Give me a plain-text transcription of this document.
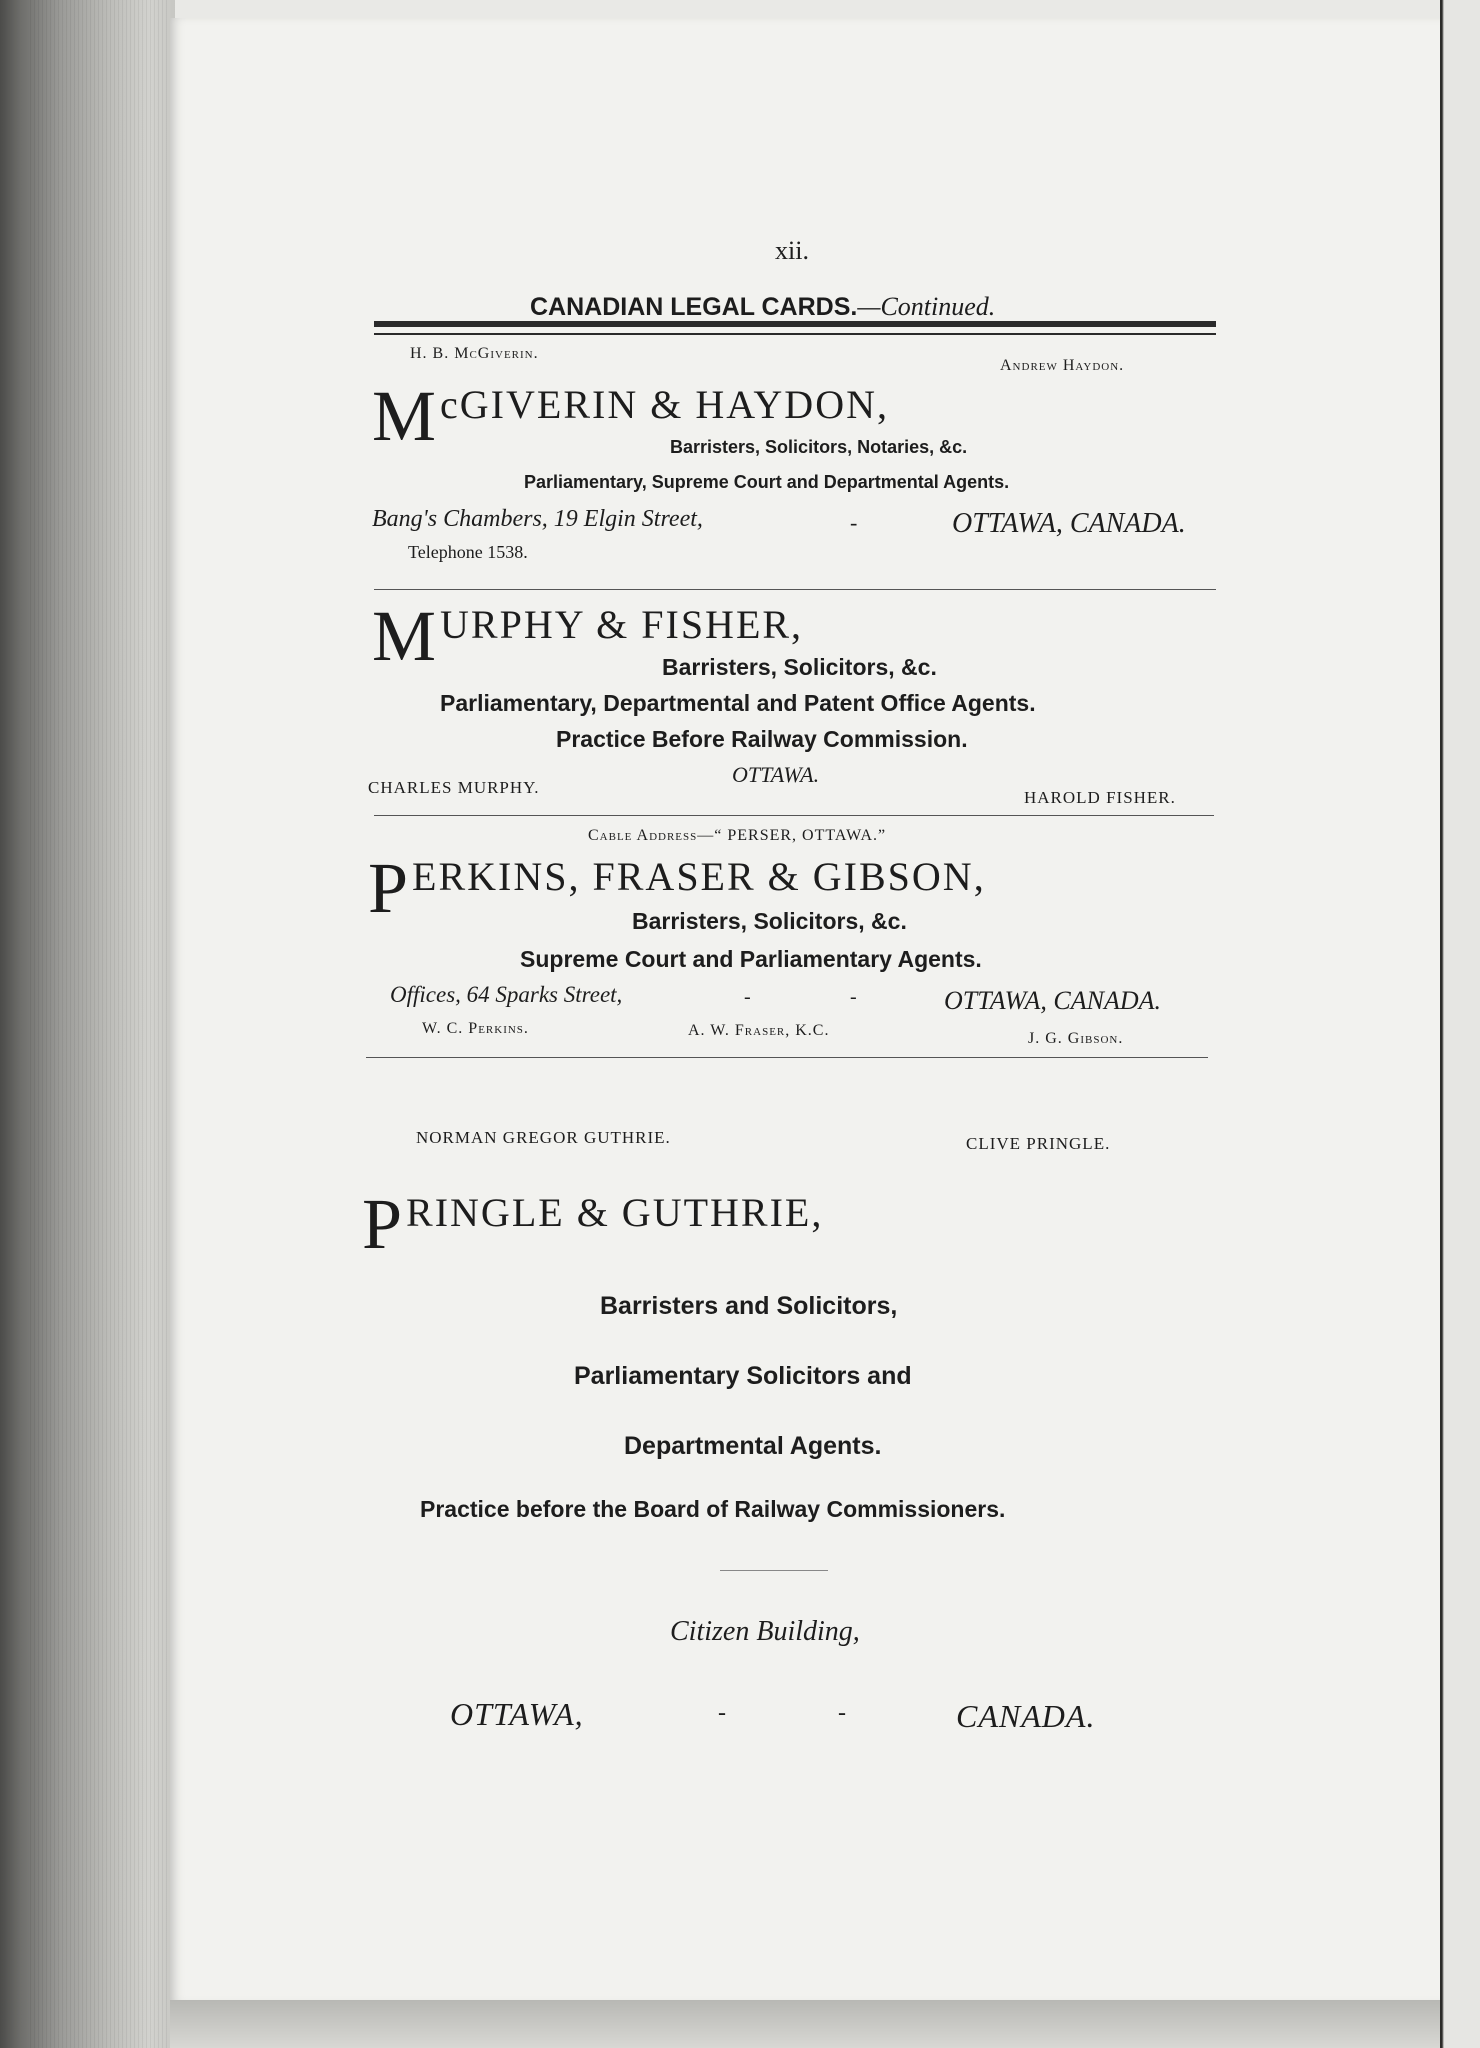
xii.
CANADIAN LEGAL CARDS.—Continued.
H. B. McGiverin.
Andrew Haydon.
McGIVERIN & HAYDON,
Barristers, Solicitors, Notaries, &c.
Parliamentary, Supreme Court and Departmental Agents.
Bang's Chambers, 19 Elgin Street,	-	OTTAWA, CANADA.
Telephone 1538.
MURPHY & FISHER,
Barristers, Solicitors, &c.
Parliamentary, Departmental and Patent Office Agents.
Practice Before Railway Commission.
OTTAWA.
CHARLES MURPHY.
HAROLD FISHER.
Cable Address—“ PERSER, OTTAWA.”
PERKINS, FRASER & GIBSON,
Barristers, Solicitors, &c.
Supreme Court and Parliamentary Agents.
Offices, 64 Sparks Street,	-	-	OTTAWA, CANADA.
W. C. Perkins.	A. W. Fraser, K.C.	J. G. Gibson.
NORMAN GREGOR GUTHRIE.	CLIVE PRINGLE.
PRINGLE & GUTHRIE,
Barristers and Solicitors,
Parliamentary Solicitors and
Departmental Agents.
Practice before the Board of Railway Commissioners.
Citizen Building,
OTTAWA,	-	-	CANADA.
